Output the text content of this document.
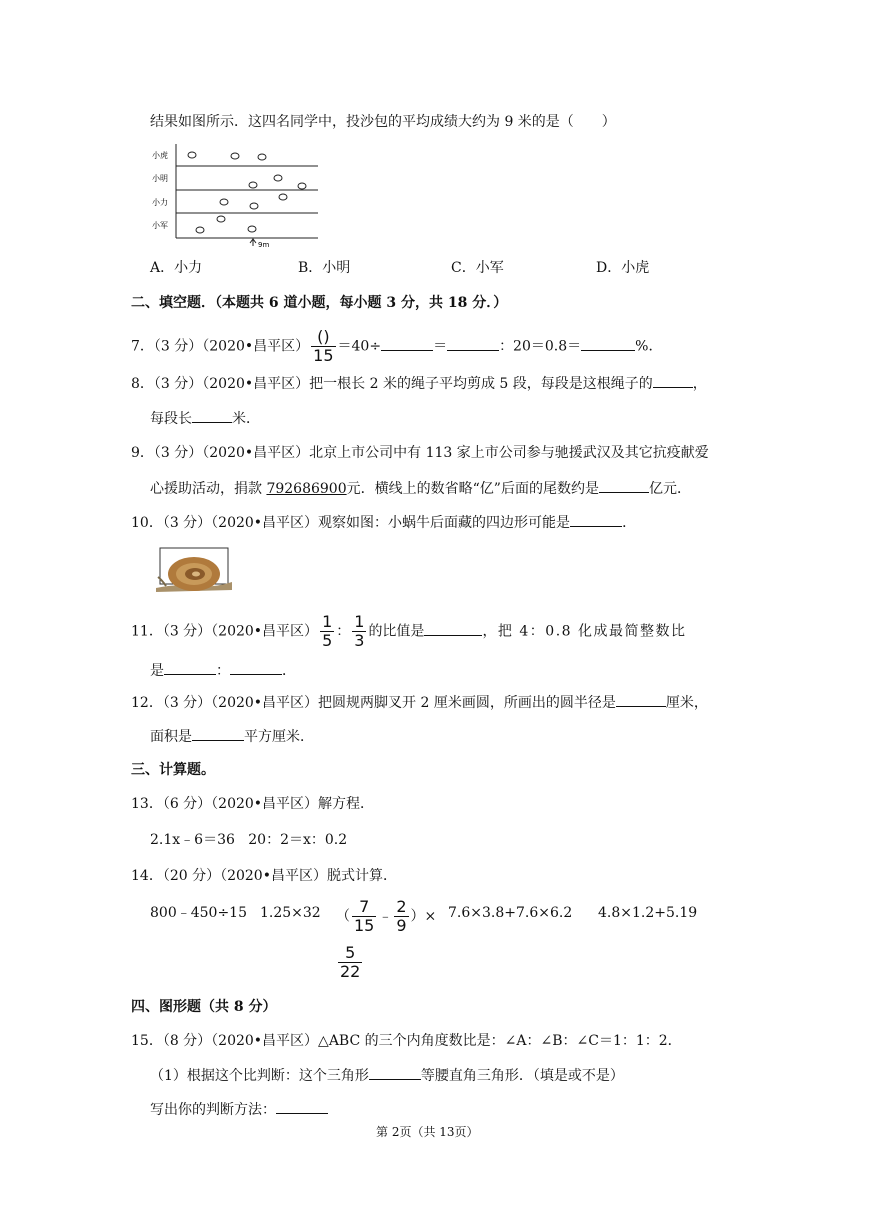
结果如图所示．这四名同学中，投沙包的平均成绩大约为 9 米的是（　　）
小虎
小明
小力
小军
9m
A．小力	B．小明	C．小军	D．小虎
二、填空题．（本题共 6 道小题，每小题 3 分，共 18 分．）
7．（3 分）（2020•昌平区） $\frac{()}{15} =40\div$	＝	：20＝0.8＝	%．
8．（3 分）（2020•昌平区）把一根长 2 米的绳子平均剪成 5 段，每段是这根绳子的	，
每段长	米．
9．（3 分）（2020•昌平区）北京上市公司中有 113 家上市公司参与驰援武汉及其它抗疫献爱
心援助活动，捐款 792686900元．横线上的数省略“亿”后面的尾数约是	亿元．
10．（3 分）（2020•昌平区）观察如图：小蜗牛后面藏的四边形可能是	．
11．（3 分）（2020•昌平区） $\frac{1}{5}$ ： $\frac{1}{3}$ 的比值是	，把 4：0.8 化成最简整数比
是	：	．
12．（3 分）（2020•昌平区）把圆规两脚叉开 2 厘米画圆，所画出的圆半径是	厘米，
面积是	平方厘米．
三、计算题。
13．（6 分）（2020•昌平区）解方程．
2.1x﹣6＝36 20：2＝x：0.2
14．（20 分）（2020•昌平区）脱式计算．
800﹣450÷15 1.25×32 （ $\frac{7}{15}$ ﹣ $\frac{2}{9}$ ）×
$\frac{5}{22}$
7.6×3.8+7.6×6.2 4.8×1.2+5.19
四、图形题（共 8 分）
15．（8 分）（2020•昌平区）△ABC 的三个内角度数比是：∠A：∠B：∠C＝1：1：2．
（1）根据这个比判断：这个三角形	等腰直角三角形．（填是或不是）
写出你的判断方法：
第 2页（共 13页）
